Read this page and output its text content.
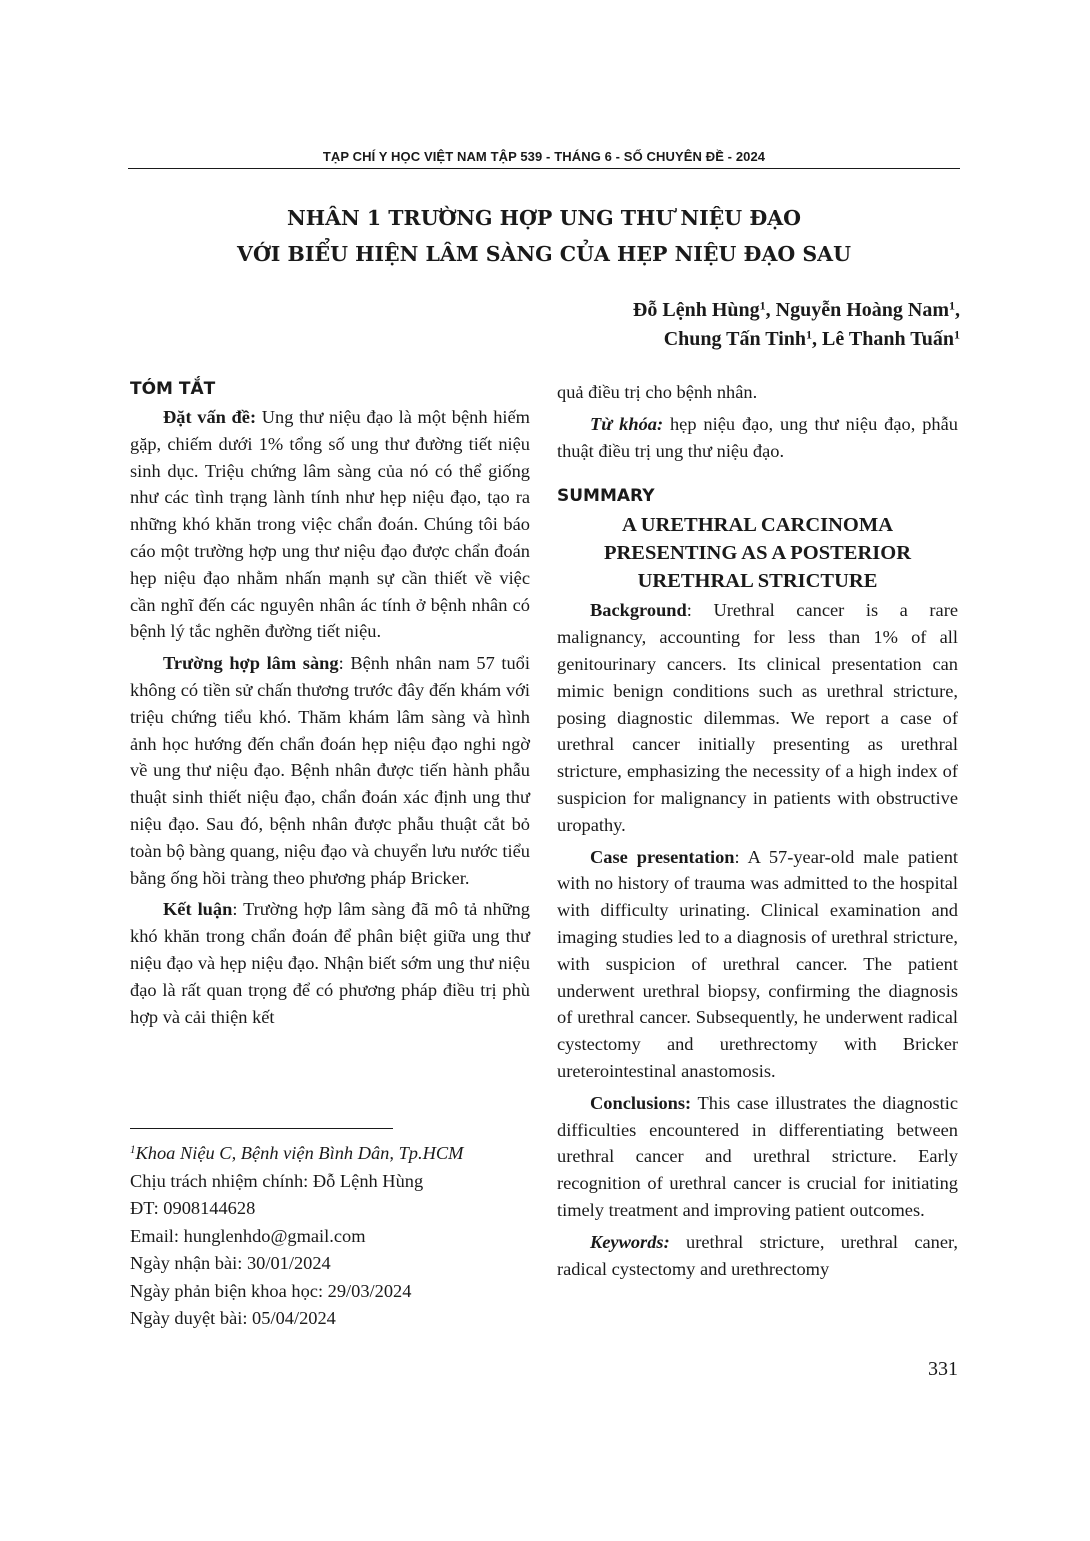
TẠP CHÍ Y HỌC VIỆT NAM TẬP 539 - THÁNG 6 - SỐ CHUYÊN ĐỀ - 2024
NHÂN 1 TRƯỜNG HỢP UNG THƯ NIỆU ĐẠO
VỚI BIỂU HIỆN LÂM SÀNG CỦA HẸP NIỆU ĐẠO SAU
Đỗ Lệnh Hùng$^1$, Nguyễn Hoàng Nam$^1$,
Chung Tấn Tinh$^1$, Lê Thanh Tuấn$^1$
TÓM TẮT

Đặt vấn đề: Ung thư niệu đạo là một bệnh hiếm gặp, chiếm dưới 1% tổng số ung thư đường tiết niệu sinh dục. Triệu chứng lâm sàng của nó có thể giống như các tình trạng lành tính như hẹp niệu đạo, tạo ra những khó khăn trong việc chẩn đoán. Chúng tôi báo cáo một trường hợp ung thư niệu đạo được chẩn đoán hẹp niệu đạo nhằm nhấn mạnh sự cần thiết về việc cần nghĩ đến các nguyên nhân ác tính ở bệnh nhân có bệnh lý tắc nghẽn đường tiết niệu.

Trường hợp lâm sàng: Bệnh nhân nam 57 tuổi không có tiền sử chấn thương trước đây đến khám với triệu chứng tiểu khó. Thăm khám lâm sàng và hình ảnh học hướng đến chẩn đoán hẹp niệu đạo nghi ngờ về ung thư niệu đạo. Bệnh nhân được tiến hành phẫu thuật sinh thiết niệu đạo, chẩn đoán xác định ung thư niệu đạo. Sau đó, bệnh nhân được phẫu thuật cắt bỏ toàn bộ bàng quang, niệu đạo và chuyển lưu nước tiểu bằng ống hồi tràng theo phương pháp Bricker.

Kết luận: Trường hợp lâm sàng đã mô tả những khó khăn trong chẩn đoán để phân biệt giữa ung thư niệu đạo và hẹp niệu đạo. Nhận biết sớm ung thư niệu đạo là rất quan trọng để có phương pháp điều trị phù hợp và cải thiện kết

$^1$Khoa Niệu C, Bệnh viện Bình Dân, Tp.HCM
Chịu trách nhiệm chính: Đỗ Lệnh Hùng
ĐT: 0908144628
Email: hunglenhdo@gmail.com
Ngày nhận bài: 30/01/2024
Ngày phản biện khoa học: 29/03/2024
Ngày duyệt bài: 05/04/2024

quả điều trị cho bệnh nhân.

Từ khóa: hẹp niệu đạo, ung thư niệu đạo, phẫu thuật điều trị ung thư niệu đạo.

SUMMARY
A URETHRAL CARCINOMA
PRESENTING AS A POSTERIOR
URETHRAL STRICTURE

Background: Urethral cancer is a rare malignancy, accounting for less than 1% of all genitourinary cancers. Its clinical presentation can mimic benign conditions such as urethral stricture, posing diagnostic dilemmas. We report a case of urethral cancer initially presenting as urethral stricture, emphasizing the necessity of a high index of suspicion for malignancy in patients with obstructive uropathy.

Case presentation: A 57-year-old male patient with no history of trauma was admitted to the hospital with difficulty urinating. Clinical examination and imaging studies led to a diagnosis of urethral stricture, with suspicion of urethral cancer. The patient underwent urethral biopsy, confirming the diagnosis of urethral cancer. Subsequently, he underwent radical cystectomy and urethrectomy with Bricker ureterointestinal anastomosis.

Conclusions: This case illustrates the diagnostic difficulties encountered in differentiating between urethral cancer and urethral stricture. Early recognition of urethral cancer is crucial for initiating timely treatment and improving patient outcomes.

Keywords: urethral stricture, urethral caner, radical cystectomy and urethrectomy

331
